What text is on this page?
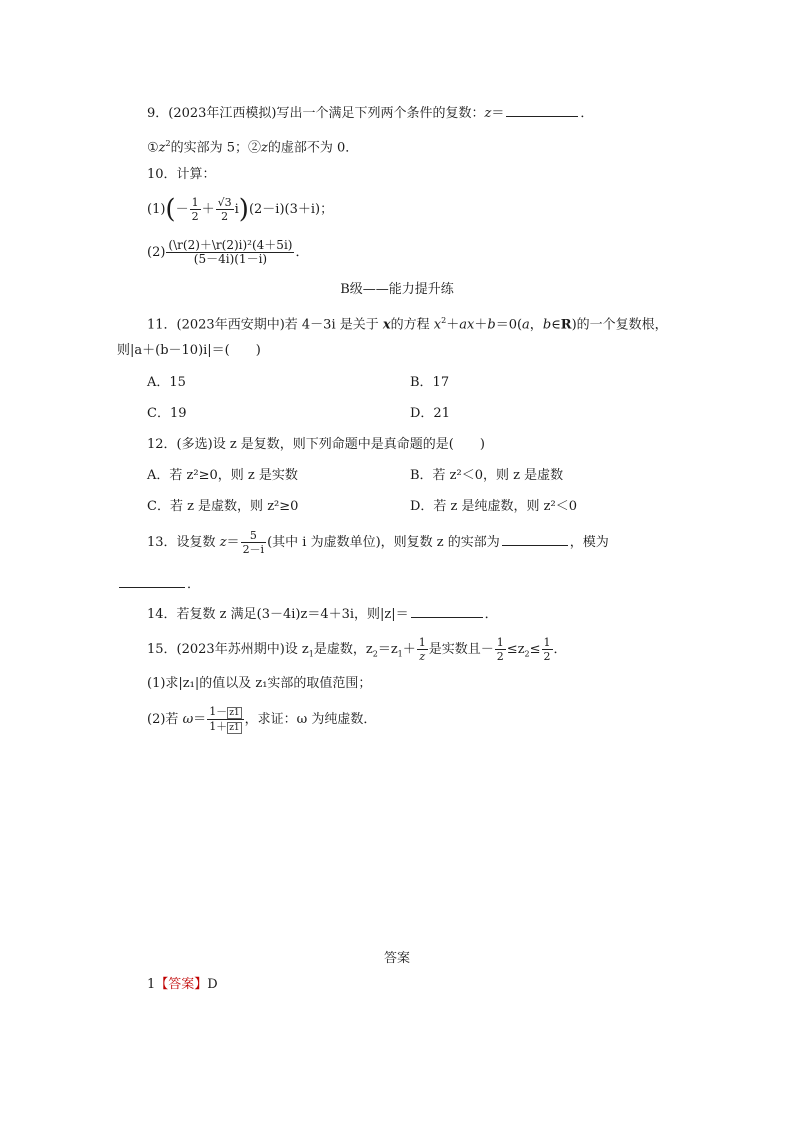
9．(2023年江西模拟)写出一个满足下列两个条件的复数：z＝	．
$①z^2$的实部为 5；②z的虚部不为 0．
10．计算：
$(1)(- \frac{1}{2} + \frac{√3}{2} i)(2-i)(3+i)$；
$(2) \frac{\text{(\textbackslash{}r(2)＋\textbackslash{}r(2)i)²(4＋5i)}}{(5-4i)(1-i)}$ ．
B级——能力提升练
11．(2023年西安期中)若 4－3i 是关于 x的方程 $x^2+ax+b=0(a$，b∈R)的一个复数根，
则|a＋(b－10)i|＝(　　)
A．15	B．17
C．19	D．21
12．(多选)设 z 是复数，则下列命题中是真命题的是(　　)
A．若 z²≥0，则 z 是实数	B．若 z²＜0，则 z 是虚数
C．若 z 是虚数，则 z²≥0	D．若 z 是纯虚数，则 z²＜0
13．设复数 $z= \frac{5}{2-i}$ (其中 i 为虚数单位)，则复数 z 的实部为	，模为
．
14．若复数 z 满足(3－4i)z＝4＋3i，则|z|＝	．
15．(2023年苏州期中)设 $z_1$是虚数，$z_2=z_1+ \frac{1}{z}$ 是实数且－ $\frac{1}{2} \le z_2\le \frac{1}{2}$ ．
(1)求|z₁|的值以及 z₁实部的取值范围；
(2)若 $\omega= \frac{1- z1}{1+ z1}$ ，求证：ω 为纯虚数．
答案
1【答案】D
